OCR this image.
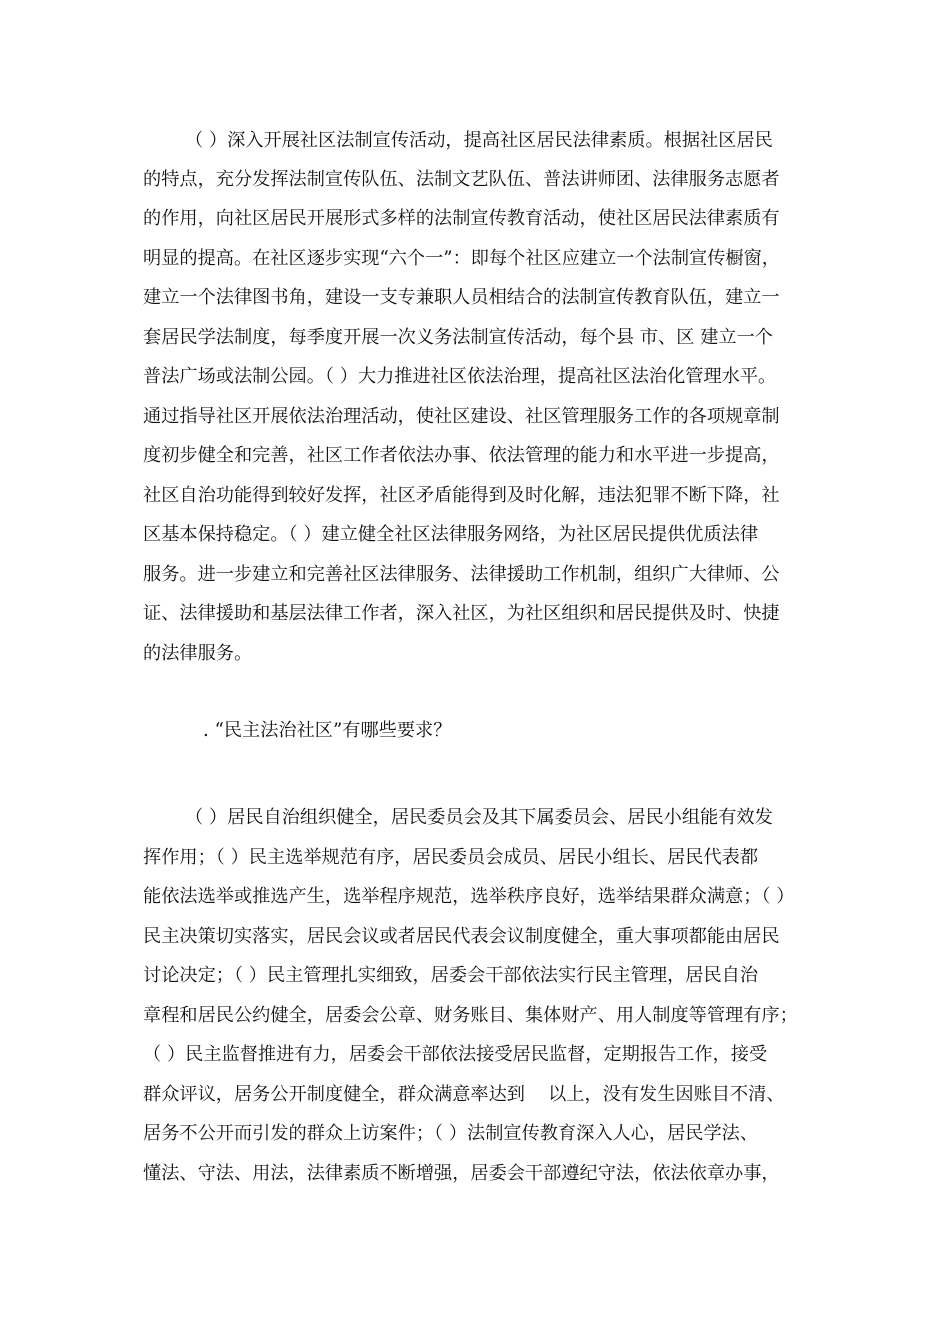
（ ）深入开展社区法制宣传活动，提高社区居民法律素质。根据社区居民
的特点，充分发挥法制宣传队伍、法制文艺队伍、普法讲师团、法律服务志愿者
的作用，向社区居民开展形式多样的法制宣传教育活动，使社区居民法律素质有
明显的提高。在社区逐步实现“六个一”：即每个社区应建立一个法制宣传橱窗，
建立一个法律图书角，建设一支专兼职人员相结合的法制宣传教育队伍，建立一
套居民学法制度，每季度开展一次义务法制宣传活动，每个县 市、区 建立一个
普法广场或法制公园。（ ）大力推进社区依法治理，提高社区法治化管理水平。
通过指导社区开展依法治理活动，使社区建设、社区管理服务工作的各项规章制
度初步健全和完善，社区工作者依法办事、依法管理的能力和水平进一步提高，
社区自治功能得到较好发挥，社区矛盾能得到及时化解，违法犯罪不断下降，社
区基本保持稳定。（ ）建立健全社区法律服务网络，为社区居民提供优质法律
服务。进一步建立和完善社区法律服务、法律援助工作机制，组织广大律师、公
证、法律援助和基层法律工作者，深入社区，为社区组织和居民提供及时、快捷
的法律服务。
. “民主法治社区”有哪些要求？
（ ）居民自治组织健全，居民委员会及其下属委员会、居民小组能有效发
挥作用；（ ）民主选举规范有序，居民委员会成员、居民小组长、居民代表都
能依法选举或推选产生，选举程序规范，选举秩序良好，选举结果群众满意；（ ）
民主决策切实落实，居民会议或者居民代表会议制度健全，重大事项都能由居民
讨论决定；（ ）民主管理扎实细致，居委会干部依法实行民主管理，居民自治
章程和居民公约健全，居委会公章、财务账目、集体财产、用人制度等管理有序；
（ ）民主监督推进有力，居委会干部依法接受居民监督，定期报告工作，接受
群众评议，居务公开制度健全，群众满意率达到    以上，没有发生因账目不清、
居务不公开而引发的群众上访案件；（ ）法制宣传教育深入人心，居民学法、
懂法、守法、用法，法律素质不断增强，居委会干部遵纪守法，依法依章办事，
